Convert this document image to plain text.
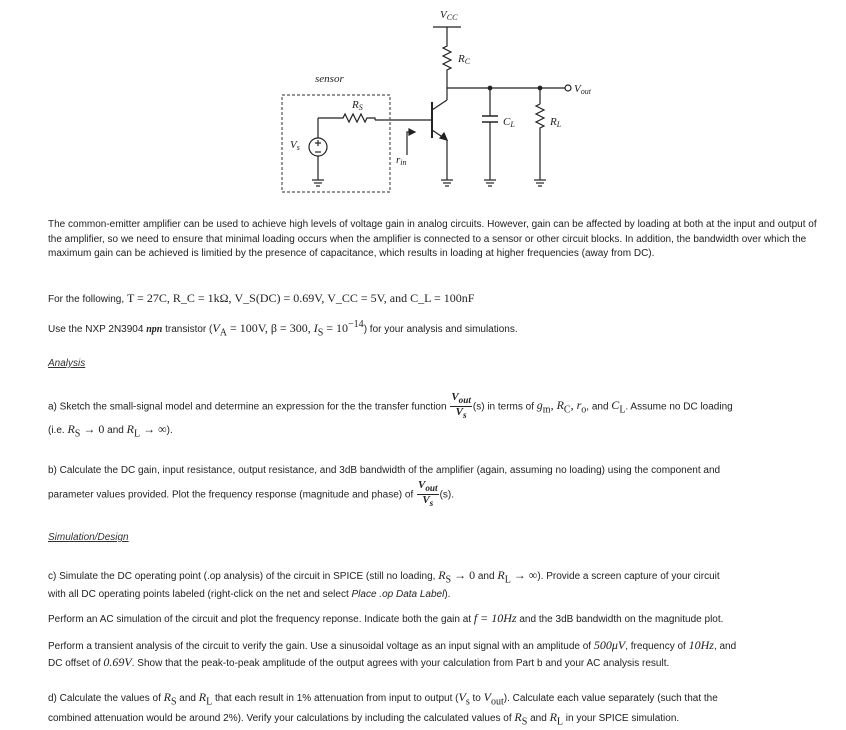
VCC
RC
Vout
sensor
RS
Vs
CL	RL
rin

The common-emitter amplifier can be used to achieve high levels of voltage gain in analog circuits. However, gain can be affected by loading at both at the input and output of the amplifier, so we need to ensure that minimal loading occurs when the amplifier is connected to a sensor or other circuit blocks. In addition, the bandwidth over which the maximum gain can be achieved is limitied by the presence of capacitance, which results in loading at higher frequencies (away from DC).

For the following, T = 27C, R_C = 1kΩ, V_S(DC) = 0.69V, V_CC = 5V, and C_L = 100nF

Use the NXP 2N3904 npn transistor ($V_A = 100V$, β = 300, $I_S = 10^{-14}$) for your analysis and simulations.

Analysis

a) Sketch the small-signal model and determine an expression for the the transfer function $\frac{V_{out}}{V_s} (s)$ in terms of $g_m$, $R_C$, $r_o$, and $C_L$. Assume no DC loading
(i.e. $R_S \to 0$ and $R_L$ → ∞).

b) Calculate the DC gain, input resistance, output resistance, and 3dB bandwidth of the amplifier (again, assuming no loading) using the component and
parameter values provided. Plot the frequency response (magnitude and phase) of $\frac{V_{out}}{V_s} (s)$.

Simulation/Design

c) Simulate the DC operating point (.op analysis) of the circuit in SPICE (still no loading, $R_S \to 0$ and $R_L$ → ∞). Provide a screen capture of your circuit
with all DC operating points labeled (right-click on the net and select Place .op Data Label).

Perform an AC simulation of the circuit and plot the frequency reponse. Indicate both the gain at f = 10Hz and the 3dB bandwidth on the magnitude plot.

Perform a transient analysis of the circuit to verify the gain. Use a sinusoidal voltage as an input signal with an amplitude of 500μV, frequency of 10Hz, and
DC offset of 0.69V. Show that the peak-to-peak amplitude of the output agrees with your calculation from Part b and your AC analysis result.

d) Calculate the values of $R_S$ and $R_L$ that each result in 1% attenuation from input to output ($V_s$ to $V_{out}$). Calculate each value separately (such that the
combined attenuation would be around 2%). Verify your calculations by including the calculated values of $R_S$ and $R_L$ in your SPICE simulation.
